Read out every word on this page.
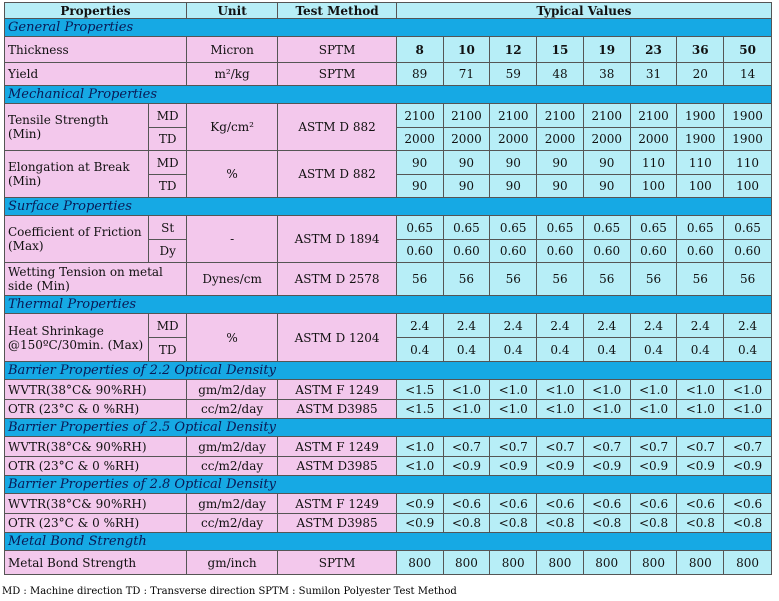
Properties		Unit	Test Method	Typical Values							
General Properties											
Thickness		Micron	SPTM	8	10	12	15	19	23	36	50
Yield		m²/kg	SPTM	89	71	59	48	38	31	20	14
Mechanical Properties											
Tensile Strength (Min)	MD	Kg/cm²	ASTM D 882	2100	2100	2100	2100	2100	2100	1900	1900
	TD			2000	2000	2000	2000	2000	2000	1900	1900
Elongation at Break (Min)	MD	%	ASTM D 882	90	90	90	90	90	110	110	110
	TD			90	90	90	90	90	100	100	100
Surface Properties											
Coefficient of Friction (Max)	St	-	ASTM D 1894	0.65	0.65	0.65	0.65	0.65	0.65	0.65	0.65
	Dy			0.60	0.60	0.60	0.60	0.60	0.60	0.60	0.60
Wetting Tension on metal side (Min)		Dynes/cm	ASTM D 2578	56	56	56	56	56	56	56	56
Thermal Properties											
Heat Shrinkage @150ºC/30min. (Max)	MD	%	ASTM D 1204	2.4	2.4	2.4	2.4	2.4	2.4	2.4	2.4
	TD			0.4	0.4	0.4	0.4	0.4	0.4	0.4	0.4
Barrier Properties of 2.2 Optical Density											
WVTR(38°C& 90%RH)		gm/m2/day	ASTM F 1249	<1.5	<1.0	<1.0	<1.0	<1.0	<1.0	<1.0	<1.0
OTR (23°C & 0 %RH)		cc/m2/day	ASTM D3985	<1.5	<1.0	<1.0	<1.0	<1.0	<1.0	<1.0	<1.0
Barrier Properties of 2.5 Optical Density											
WVTR(38°C& 90%RH)		gm/m2/day	ASTM F 1249	<1.0	<0.7	<0.7	<0.7	<0.7	<0.7	<0.7	<0.7
OTR (23°C & 0 %RH)		cc/m2/day	ASTM D3985	<1.0	<0.9	<0.9	<0.9	<0.9	<0.9	<0.9	<0.9
Barrier Properties of 2.8 Optical Density											
WVTR(38°C& 90%RH)		gm/m2/day	ASTM F 1249	<0.9	<0.6	<0.6	<0.6	<0.6	<0.6	<0.6	<0.6
OTR (23°C & 0 %RH)		cc/m2/day	ASTM D3985	<0.9	<0.8	<0.8	<0.8	<0.8	<0.8	<0.8	<0.8
Metal Bond Strength											
Metal Bond Strength		gm/inch	SPTM	800	800	800	800	800	800	800	800
MD : Machine direction TD : Transverse direction SPTM : Sumilon Polyester Test Method
